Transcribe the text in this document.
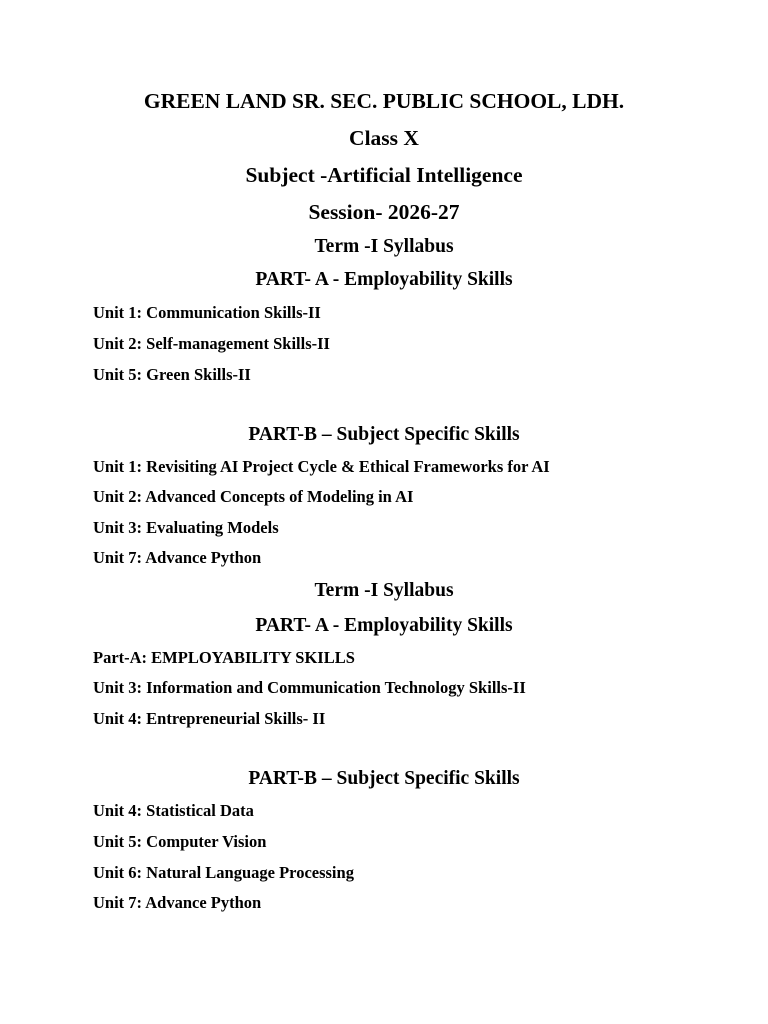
GREEN LAND SR. SEC. PUBLIC SCHOOL, LDH.
Class X
Subject -Artificial Intelligence
Session- 2026-27
Term -I Syllabus
PART- A - Employability Skills
Unit 1: Communication Skills-II
Unit 2: Self-management Skills-II
Unit 5: Green Skills-II
PART-B – Subject Specific Skills
Unit 1: Revisiting AI Project Cycle & Ethical Frameworks for AI
Unit 2: Advanced Concepts of Modeling in AI
Unit 3: Evaluating Models
Unit 7: Advance Python
Term -I Syllabus
PART- A - Employability Skills
Part-A: EMPLOYABILITY SKILLS
Unit 3: Information and Communication Technology Skills-II
Unit 4: Entrepreneurial Skills- II
PART-B – Subject Specific Skills
Unit 4: Statistical Data
Unit 5: Computer Vision
Unit 6: Natural Language Processing
Unit 7: Advance Python
